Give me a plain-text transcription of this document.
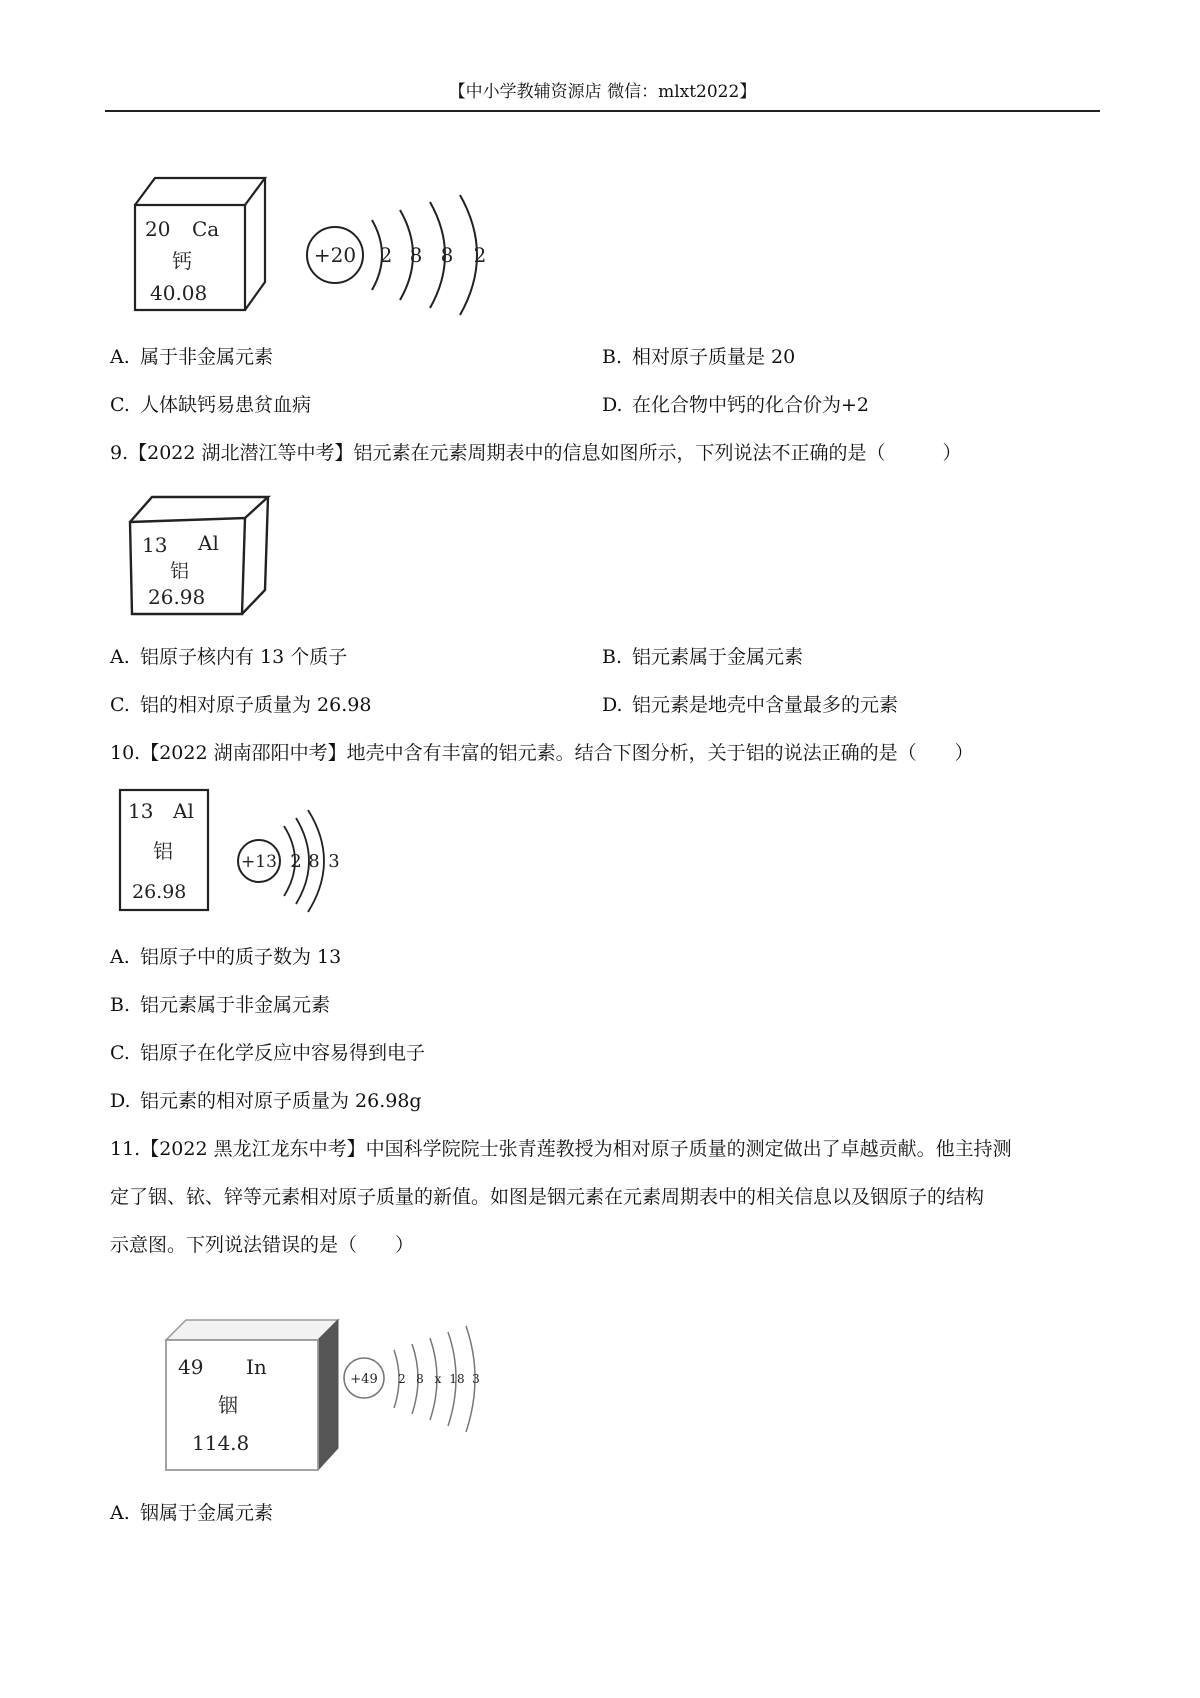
【中小学教辅资源店 微信：mlxt2022】
20 Ca
钙
40.08
+20 2 8 8 2
A. 属于非金属元素	B. 相对原子质量是 20
C. 人体缺钙易患贫血病	D. 在化合物中钙的化合价为+2
9.【2022 湖北潜江等中考】铝元素在元素周期表中的信息如图所示，下列说法不正确的是（　　　）
13 Al
铝
26.98
A. 铝原子核内有 13 个质子	B. 铝元素属于金属元素
C. 铝的相对原子质量为 26.98	D. 铝元素是地壳中含量最多的元素
10.【2022 湖南邵阳中考】地壳中含有丰富的铝元素。结合下图分析，关于铝的说法正确的是（　　）
13 Al
铝
26.98
+13 2 8 3
A. 铝原子中的质子数为 13
B. 铝元素属于非金属元素
C. 铝原子在化学反应中容易得到电子
D. 铝元素的相对原子质量为 26.98g
11.【2022 黑龙江龙东中考】中国科学院院士张青莲教授为相对原子质量的测定做出了卓越贡献。他主持测
定了铟、铱、锌等元素相对原子质量的新值。如图是铟元素在元素周期表中的相关信息以及铟原子的结构
示意图。下列说法错误的是（　　）
49 In
铟
114.8
+49 2 8 x 18 3
A. 铟属于金属元素
